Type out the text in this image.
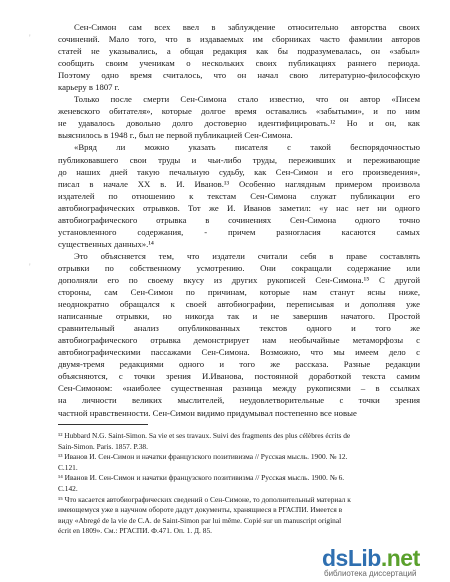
'
'

Сен-Симон сам всех ввел в заблуждение относительно авторства своих
сочинений. Мало того, что в издаваемых им сборниках часто фамилии авторов
статей не указывались, а общая редакция как бы подразумевалась, он «забыл»
сообщить своим ученикам о нескольких своих публикациях раннего периода.
Поэтому одно время считалось, что он начал свою литературно-философскую
карьеру в 1807 г.

Только после смерти Сен-Симона стало известно, что он автор «Писем
женевского обитателя», которые долгое время оставались «забытыми», и по ним
не удавалось довольно долго достоверно идентифицировать.¹² Но и он, как
выяснилось в 1948 г., был не первой публикацией Сен-Симона.

«Вряд ли можно указать писателя с такой беспорядочностью
публиковавшего свои труды и чьи-либо труды, переживших и переживающие
до наших дней такую печальную судьбу, как Сен-Симон и его произведения»,
писал в начале XX в. И. Иванов.¹³ Особенно наглядным примером произвола
издателей по отношению к текстам Сен-Симона служат публикации его
автобиографических отрывков. Тот же И. Иванов заметил: «у нас нет ни одного
автобиографического отрывка в сочинениях Сен-Симона одного точно
установленного содержания, - причем разногласия касаются самых
существенных данных».¹⁴

Это объясняется тем, что издатели считали себя в праве составлять
отрывки по собственному усмотрению. Они сокращали содержание или
дополняли его по своему вкусу из других рукописей Сен-Симона.¹⁵ С другой
стороны, сам Сен-Симон по причинам, которые нам станут ясны ниже,
неоднократно обращался к своей автобиографии, переписывая и дополняя уже
написанные отрывки, но никогда так и не завершив начатого. Простой
сравнительный анализ опубликованных текстов одного и того же
автобиографического отрывка демонстрирует нам необычайные метаморфозы с
автобиографическими пассажами Сен-Симона. Возможно, что мы имеем дело с
двумя-тремя редакциями одного и того же рассказа. Разные редакции
объясняются, с точки зрения И.Иванова, постоянной доработкой текста самим
Сен-Симоном: «наиболее существенная разница между рукописями – в ссылках
на личности великих мыслителей, неудовлетворительные с точки зрения
частной нравственности. Сен-Симон видимо придумывал постепенно все новые

¹² Hubbard N.G. Saint-Simon. Sa vie et ses travaux. Suivi des fragments des plus célèbres écrits de
Sain-Simon. Paris. 1857. P.38.
¹³ Иванов И. Сен-Симон и начатки французского позитивизма // Русская мысль. 1900. № 12.
С.121.
¹⁴ Иванов И. Сен-Симон и начатки французского позитивизма // Русская мысль. 1900. № 6.
С.142.
¹⁵ Что касается автобиографических сведений о Сен-Симоне, то дополнительный материал к
имеющемуся уже в научном обороте дадут документы, хранящиеся в РГАСПИ. Имеется в
виду «Abregé de la vie de C.A. de Saint-Simon par lui même. Copié sur un manuscript original
écrit en 1809». См.: РГАСПИ. Ф.471. Оп. 1. Д. 85.
dsLib.net
библиотека диссертаций
